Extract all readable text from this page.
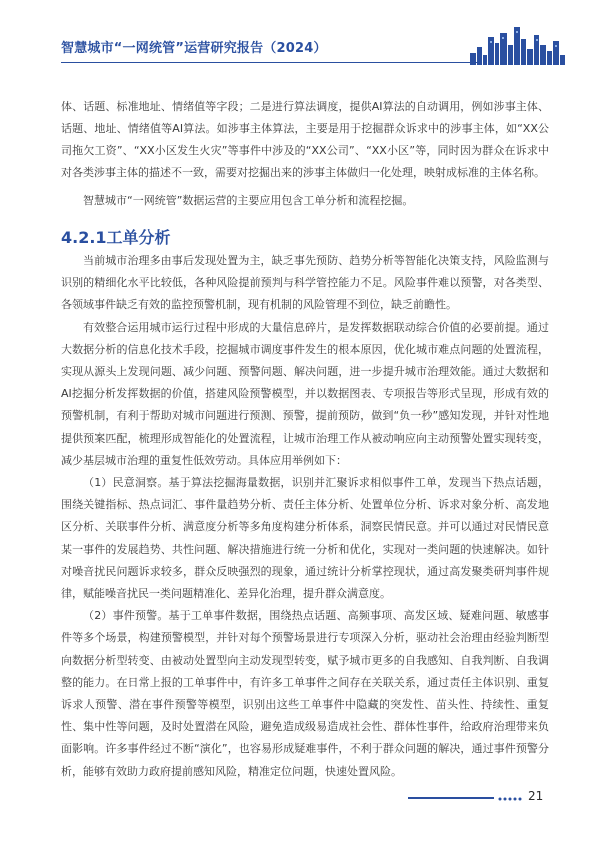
智慧城市“一网统管”运营研究报告（2024）

体、话题、标准地址、情绪值等字段；二是进行算法调度，提供AI算法的自动调用，例如涉事主体、话题、地址、情绪值等AI算法。如涉事主体算法，主要是用于挖掘群众诉求中的涉事主体，如“XX公司拖欠工资”、“XX小区发生火灾”等事件中涉及的“XX公司”、“XX小区”等，同时因为群众在诉求中对各类涉事主体的描述不一致，需要对挖掘出来的涉事主体做归一化处理，映射成标准的主体名称。

智慧城市“一网统管”数据运营的主要应用包含工单分析和流程挖掘。

4.2.1工单分析

当前城市治理多由事后发现处置为主，缺乏事先预防、趋势分析等智能化决策支持，风险监测与识别的精细化水平比较低，各种风险提前预判与科学管控能力不足。风险事件难以预警，对各类型、各领域事件缺乏有效的监控预警机制，现有机制的风险管理不到位，缺乏前瞻性。

有效整合运用城市运行过程中形成的大量信息碎片，是发挥数据联动综合价值的必要前提。通过大数据分析的信息化技术手段，挖掘城市调度事件发生的根本原因，优化城市难点问题的处置流程，实现从源头上发现问题、减少问题、预警问题、解决问题，进一步提升城市治理效能。通过大数据和AI挖掘分析发挥数据的价值，搭建风险预警模型，并以数据图表、专项报告等形式呈现，形成有效的预警机制，有利于帮助对城市问题进行预测、预警，提前预防，做到“负一秒”感知发现，并针对性地提供预案匹配，梳理形成智能化的处置流程，让城市治理工作从被动响应向主动预警处置实现转变，减少基层城市治理的重复性低效劳动。具体应用举例如下：

（1）民意洞察。基于算法挖掘海量数据，识别并汇聚诉求相似事件工单，发现当下热点话题，围绕关键指标、热点词汇、事件量趋势分析、责任主体分析、处置单位分析、诉求对象分析、高发地区分析、关联事件分析、满意度分析等多角度构建分析体系，洞察民情民意。并可以通过对民情民意某一事件的发展趋势、共性问题、解决措施进行统一分析和优化，实现对一类问题的快速解决。如针对噪音扰民问题诉求较多，群众反映强烈的现象，通过统计分析掌控现状，通过高发聚类研判事件规律，赋能噪音扰民一类问题精准化、差异化治理，提升群众满意度。

（2）事件预警。基于工单事件数据，围绕热点话题、高频事项、高发区域、疑难问题、敏感事件等多个场景，构建预警模型，并针对每个预警场景进行专项深入分析，驱动社会治理由经验判断型向数据分析型转变、由被动处置型向主动发现型转变，赋予城市更多的自我感知、自我判断、自我调整的能力。在日常上报的工单事件中，有许多工单事件之间存在关联关系，通过责任主体识别、重复诉求人预警、潜在事件预警等模型，识别出这些工单事件中隐藏的突发性、苗头性、持续性、重复性、集中性等问题，及时处置潜在风险，避免造成级易造成社会性、群体性事件，给政府治理带来负面影响。许多事件经过不断“演化”，也容易形成疑难事件，不利于群众问题的解决，通过事件预警分析，能够有效助力政府提前感知风险，精准定位问题，快速处置风险。

21
